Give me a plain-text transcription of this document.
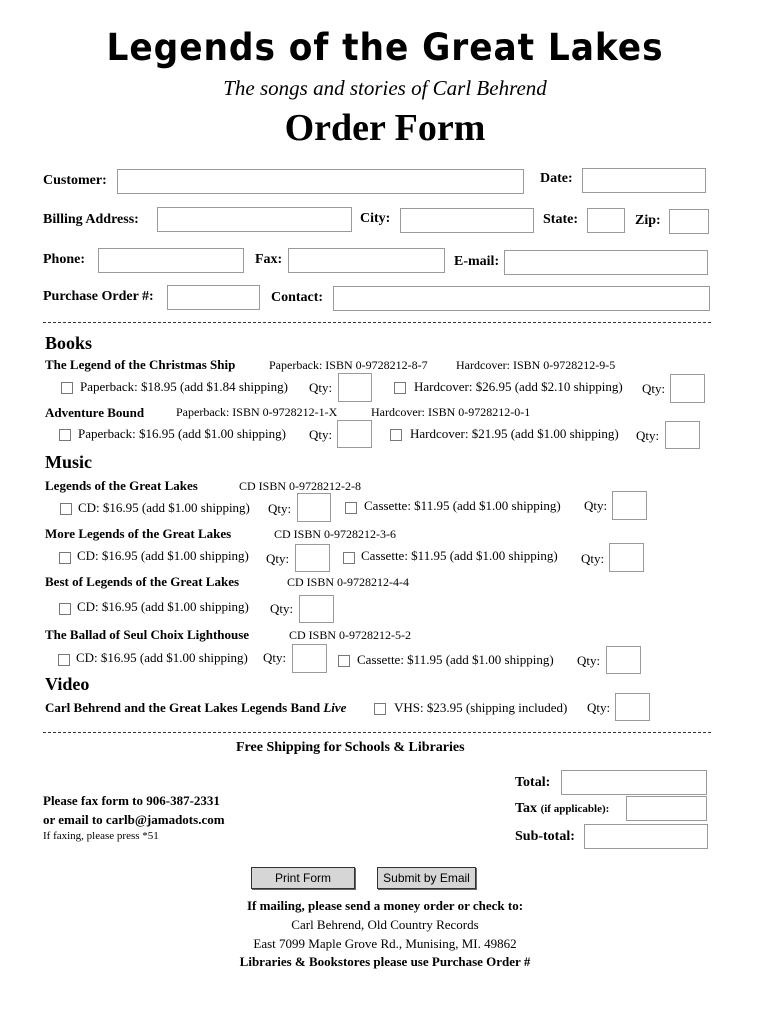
Legends of the Great Lakes
The songs and stories of Carl Behrend
Order Form
Customer:	Date:
Billing Address:	City:	State:	Zip:
Phone:	Fax:	E-mail:
Purchase Order #:	Contact:
Books
The Legend of the Christmas Ship	Paperback: ISBN 0-9728212-8-7 Hardcover: ISBN 0-9728212-9-5
Paperback: $18.95 (add $1.84 shipping) Qty:	Hardcover: $26.95 (add $2.10 shipping) Qty:
Adventure Bound	Paperback: ISBN 0-9728212-1-X	Hardcover: ISBN 0-9728212-0-1
Paperback: $16.95 (add $1.00 shipping) Qty:	Hardcover: $21.95 (add $1.00 shipping) Qty:
Music
Legends of the Great Lakes	CD ISBN 0-9728212-2-8
CD: $16.95 (add $1.00 shipping) Qty:	Cassette: $11.95 (add $1.00 shipping) Qty:
More Legends of the Great Lakes	CD ISBN 0-9728212-3-6
CD: $16.95 (add $1.00 shipping) Qty:	Cassette: $11.95 (add $1.00 shipping) Qty:
Best of Legends of the Great Lakes	CD ISBN 0-9728212-4-4
CD: $16.95 (add $1.00 shipping) Qty:
The Ballad of Seul Choix Lighthouse	CD ISBN 0-9728212-5-2
CD: $16.95 (add $1.00 shipping) Qty:	Cassette: $11.95 (add $1.00 shipping) Qty:
Video
Carl Behrend and the Great Lakes Legends Band Live	VHS: $23.95 (shipping included) Qty:
Free Shipping for Schools & Libraries
Total:
Tax (if applicable):
Sub-total:
Please fax form to 906-387-2331
or email to carlb@jamadots.com
If faxing, please press *51
Print Form	Submit by Email
If mailing, please send a money order or check to:
Carl Behrend, Old Country Records
East 7099 Maple Grove Rd., Munising, MI. 49862
Libraries & Bookstores please use Purchase Order #
